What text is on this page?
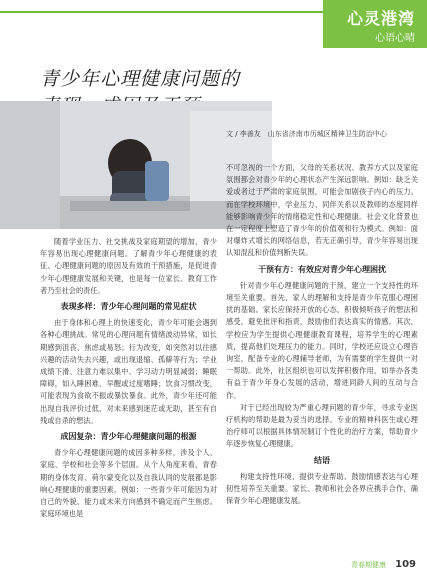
心灵港湾
心语心晴
青少年心理健康问题的
文 / 李善友　山东省济南市历城区精神卫生防治中心

随着学业压力、社交挑战及家庭期望的增加，青少年容易出现心理健康问题。了解青少年心理健康的表征、心理健康问题的原因及有效的干预措施，是促进青少年心理健康发展和关键，也是每一位家长、教育工作者乃至社会的责任。

表现多样：青少年心理问题的常见症状

由于身体和心理上的快速变化，青少年可能会遇到各种心理挑战。常见的心理问题有情绪波动异常，如长期感到沮丧、焦虑或易怒；行为改变，如突然对以往感兴趣的活动失去兴趣，或出现退缩、孤僻等行为；学业成绩下滑、注意力难以集中、学习动力明显减弱；睡眠障碍，如入睡困难、早醒或过度嗜睡；饮食习惯改变，可能表现为食欲不振或暴饮暴食。此外，青少年还可能出现自我评价过低、对未来感到迷茫或无助，甚至有自残或自杀的想法。

成因复杂：青少年心理健康问题的根源

青少年心理健康问题的成因多种多样，涉及个人、家庭、学校和社会等多个层面。从个人角度来看，青春期的身体发育、荷尔蒙变化以及自我认同的发展都是影响心理健康的重要因素。例如：一些青少年可能因为对自己的外貌、能力或未来方向感到不确定而产生焦虑。家庭环境也是

不可忽视的一个方面，父母的关系状况、教养方式以及家庭氛围都会对青少年的心理状态产生深远影响。例如：缺乏关爱或者过于严肃的家庭氛围，可能会加剧孩子内心的压力。而在学校环境中，学业压力、同伴关系以及教师的态度同样能够影响青少年的情绪稳定性和心理健康。社会文化背景也在一定程度上塑造了青少年的价值观和行为模式。例如：面对爆炸式增长的网络信息，若无正确引导，青少年容易出现认知混乱和价值判断失误。

干预有方：有效应对青少年心理困扰

针对青少年心理健康问题的干预，建立一个支持性的环境至关重要。首先，家人的理解和支持是青少年克服心理困扰的基础。家长应保持开放的心态，积极倾听孩子的想法和感受，避免批评和指责，鼓励他们表达真实的情感。其次，学校应为学生提供心理健康教育课程，培养学生的心理素质，提高他们处理压力的能力。同时，学校还应设立心理咨询室，配备专业的心理辅导老师，为有需要的学生提供一对一帮助。此外，社区组织也可以发挥积极作用，如举办各类有益于青少年身心发展的活动，增进同龄人间的互动与合作。

对于已经出现较为严重心理问题的青少年，寻求专业医疗机构的帮助是最为妥当的选择。专业的精神科医生或心理治疗师可以根据具体情况制订个性化的治疗方案，帮助青少年逐步恢复心理健康。

结语

构建支持性环境、提供专业帮助、鼓励情感表达与心理韧性培养至关重要。家长、教师和社会各界应携手合作，确保青少年心理健康发展。

青春期健康 109
